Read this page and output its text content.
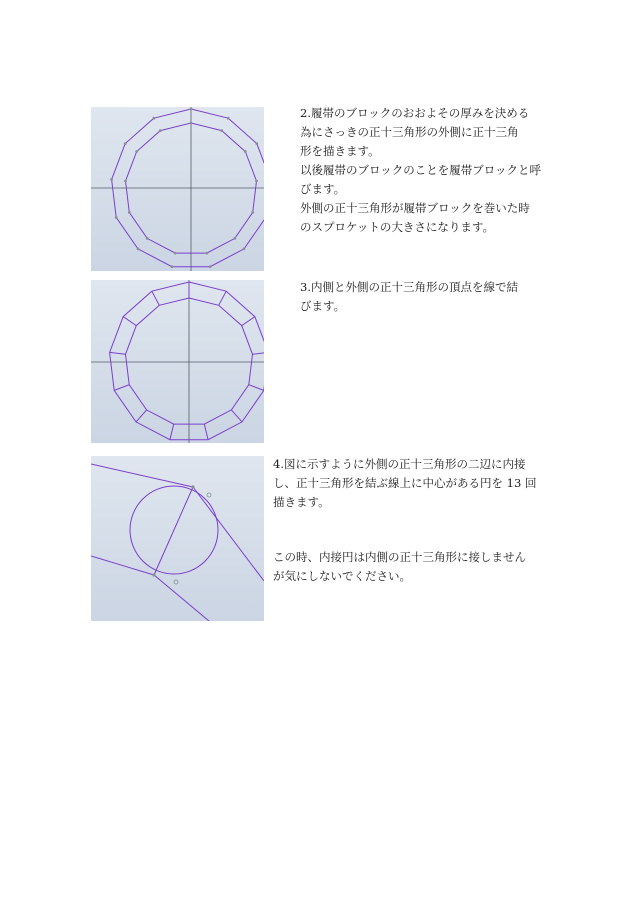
2.履帯のブロックのおおよその厚みを決める

為にさっきの正十三角形の外側に正十三角

形を描きます。

以後履帯のブロックのことを履帯ブロックと呼

びます。

外側の正十三角形が履帯ブロックを巻いた時

のスプロケットの大きさになります。

3.内側と外側の正十三角形の頂点を線で結

びます。

4.図に示すように外側の正十三角形の二辺に内接

し、正十三角形を結ぶ線上に中心がある円を 13 回

描きます。

この時、内接円は内側の正十三角形に接しません

が気にしないでください。
